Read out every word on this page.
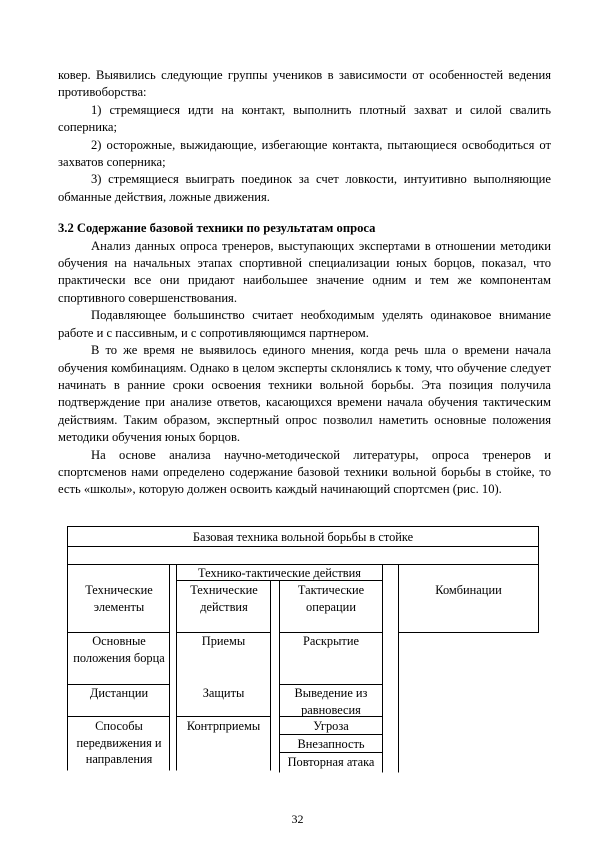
ковер. Выявились следующие группы учеников в зависимости от особенностей ведения противоборства:

1) стремящиеся идти на контакт, выполнить плотный захват и силой свалить соперника;

2) осторожные, выжидающие, избегающие контакта, пытающиеся освободиться от захватов соперника;

3) стремящиеся выиграть поединок за счет ловкости, интуитивно выполняющие обманные действия, ложные движения.

3.2 Содержание базовой техники по результатам опроса

Анализ данных опроса тренеров, выступающих экспертами в отношении методики обучения на начальных этапах спортивной специализации юных борцов, показал, что практически все они придают наибольшее значение одним и тем же компонентам спортивного совершенствования.

Подавляющее большинство считает необходимым уделять одинаковое внимание работе и с пассивным, и с сопротивляющимся партнером.

В то же время не выявилось единого мнения, когда речь шла о времени начала обучения комбинациям. Однако в целом эксперты склонялись к тому, что обучение следует начинать в ранние сроки освоения техники вольной борьбы. Эта позиция получила подтверждение при анализе ответов, касающихся времени начала обучения тактическим действиям. Таким образом, экспертный опрос позволил наметить основные положения методики обучения юных борцов.

На основе анализа научно-методической литературы, опроса тренеров и спортсменов нами определено содержание базовой техники вольной борьбы в стойке, то есть «школы», которую должен освоить каждый начинающий спортсмен (рис. 10).

Базовая техника вольной борьбы в стойке
Технико-тактические действия
Технические элементы
Технические действия
Тактические операции
Комбинации
Основные положения борца
Дистанции
Способы передвижения и направления
Приемы
Защиты
Контрприемы
Раскрытие
Выведение из равновесия
Угроза
Внезапность
Повторная атака
32
